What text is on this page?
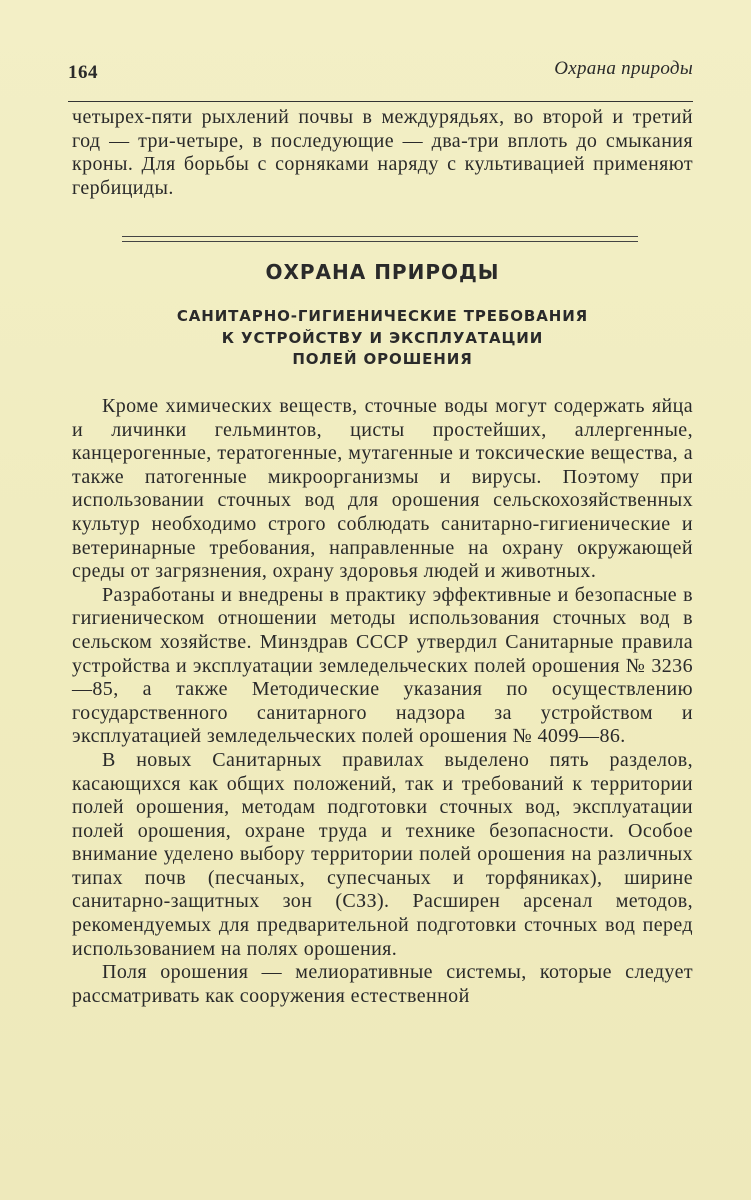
164	Охрана природы

четырех-пяти рыхлений почвы в междурядьях, во второй и третий год — три-четыре, в последующие — два-три вплоть до смыкания кроны. Для борьбы с сорняками наряду с культивацией применяют гербициды.

ОХРАНА ПРИРОДЫ
САНИТАРНО-ГИГИЕНИЧЕСКИЕ ТРЕБОВАНИЯ
К УСТРОЙСТВУ И ЭКСПЛУАТАЦИИ
ПОЛЕЙ ОРОШЕНИЯ

Кроме химических веществ, сточные воды могут содержать яйца и личинки гельминтов, цисты простейших, аллергенные, канцерогенные, тератогенные, мутагенные и токсические вещества, а также патогенные микроорганизмы и вирусы. Поэтому при использовании сточных вод для орошения сельскохозяйственных культур необходимо строго соблюдать санитарно-гигиенические и ветеринарные требования, направленные на охрану окружающей среды от загрязнения, охрану здоровья людей и животных.

Разработаны и внедрены в практику эффективные и безопасные в гигиеническом отношении методы использования сточных вод в сельском хозяйстве. Минздрав СССР утвердил Санитарные правила устройства и эксплуатации земледельческих полей орошения № 3236—85, а также Методические указания по осуществлению государственного санитарного надзора за устройством и эксплуатацией земледельческих полей орошения № 4099—86.

В новых Санитарных правилах выделено пять разделов, касающихся как общих положений, так и требований к территории полей орошения, методам подготовки сточных вод, эксплуатации полей орошения, охране труда и технике безопасности. Особое внимание уделено выбору территории полей орошения на различных типах почв (песчаных, супесчаных и торфяниках), ширине санитарно-защитных зон (СЗЗ). Расширен арсенал методов, рекомендуемых для предварительной подготовки сточных вод перед использованием на полях орошения.

Поля орошения — мелиоративные системы, которые следует рассматривать как сооружения естественной
